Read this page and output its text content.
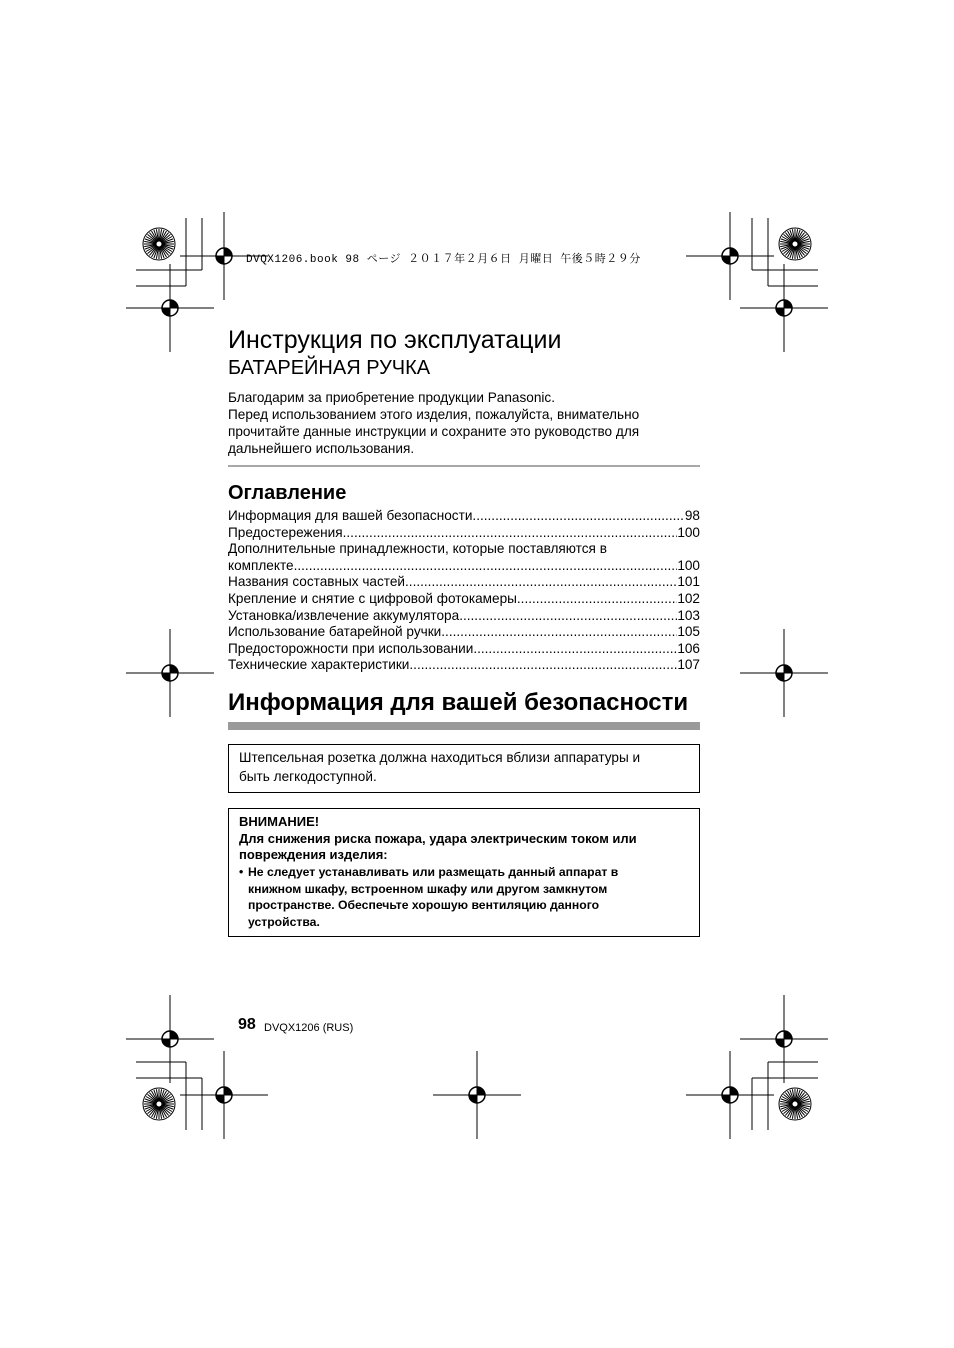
DVQX1206.book 98 ページ ２０１７年２月６日 月曜日 午後５時２９分
Инструкция по эксплуатации
БАТАРЕЙНАЯ РУЧКА
Благодарим за приобретение продукции Panasonic.
Перед использованием этого изделия, пожалуйста, внимательно
прочитайте данные инструкции и сохраните это руководство для
дальнейшего использования.
Оглавление
Информация для вашей безопасности .....	98
Предостережения .....	100
Дополнительные принадлежности, которые поставляются в
комплекте .....	100
Названия составных частей .....	101
Крепление и снятие с цифровой фотокамеры .....	102
Установка/извлечение аккумулятора .....	103
Использование батарейной ручки .....	105
Предосторожности при использовании .....	106
Технические характеристики .....	107
Информация для вашей безопасности
Штепсельная розетка должна находиться вблизи аппаратуры и
быть легкодоступной.
ВНИМАНИЕ!
Для снижения риска пожара, удара электрическим током или
повреждения изделия:
• Не следует устанавливать или размещать данный аппарат в
книжном шкафу, встроенном шкафу или другом замкнутом
пространстве. Обеспечьте хорошую вентиляцию данного
устройства.
98 DVQX1206 (RUS)
